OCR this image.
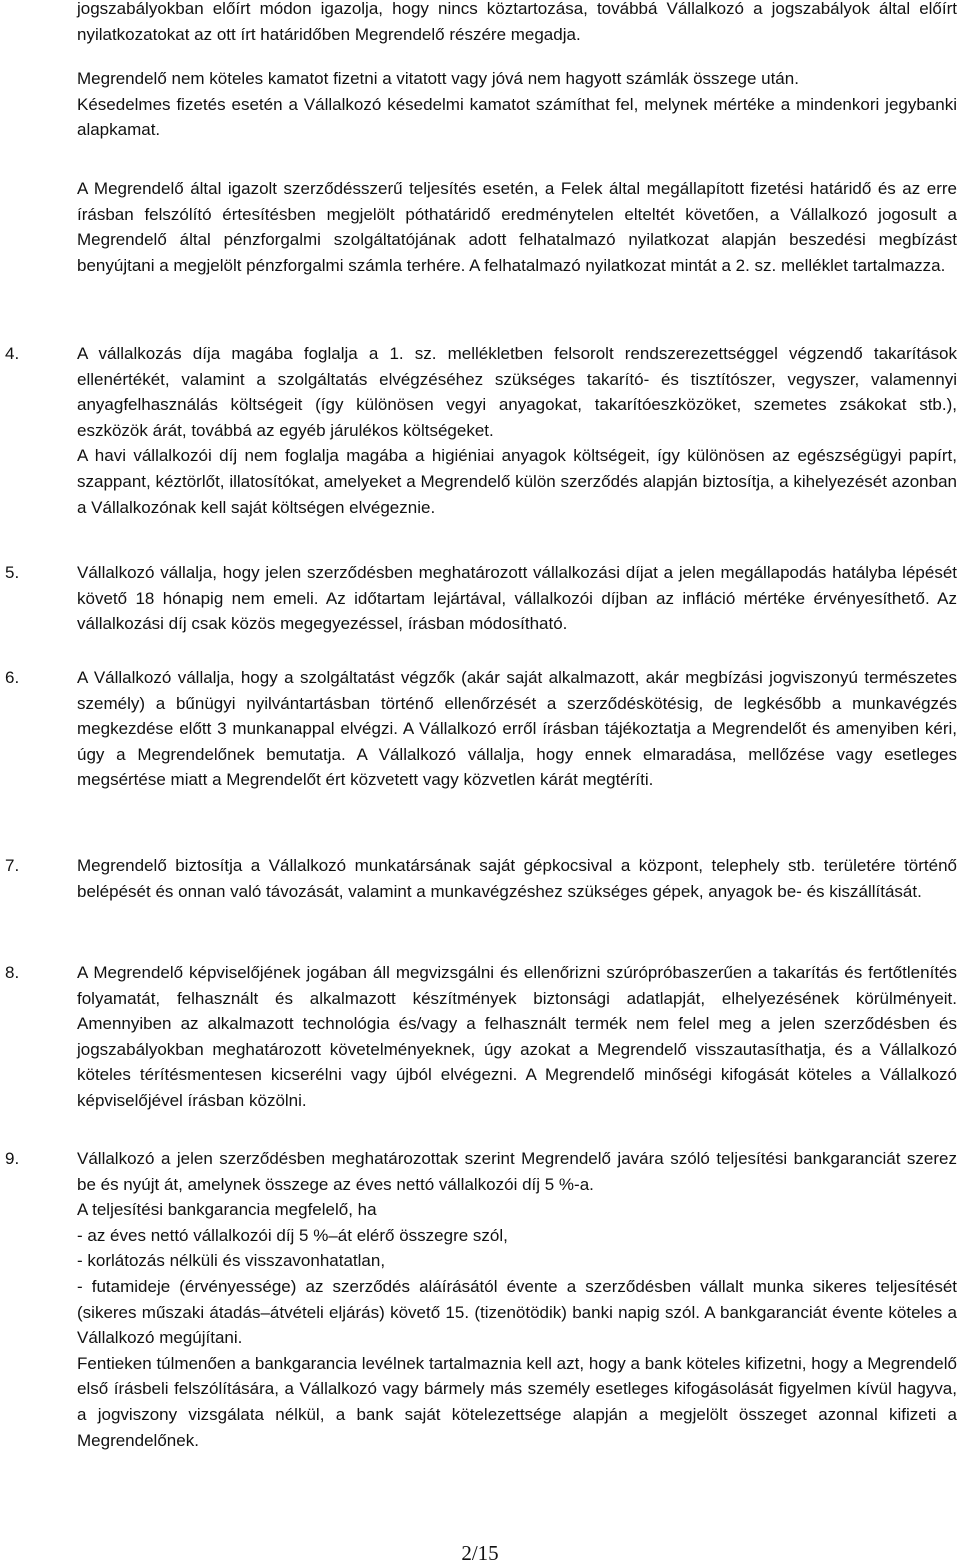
jogszabályokban előírt módon igazolja, hogy nincs köztartozása, továbbá Vállalkozó a jogszabályok által előírt nyilatkozatokat az ott írt határidőben Megrendelő részére megadja.

Megrendelő nem köteles kamatot fizetni a vitatott vagy jóvá nem hagyott számlák összege után.

Késedelmes fizetés esetén a Vállalkozó késedelmi kamatot számíthat fel, melynek mértéke a mindenkori jegybanki alapkamat.

A Megrendelő által igazolt szerződésszerű teljesítés esetén, a Felek által megállapított fizetési határidő és az erre írásban felszólító értesítésben megjelölt póthatáridő eredménytelen elteltét követően, a Vállalkozó jogosult a Megrendelő által pénzforgalmi szolgáltatójának adott felhatalmazó nyilatkozat alapján beszedési megbízást benyújtani a megjelölt pénzforgalmi számla terhére. A felhatalmazó nyilatkozat mintát a 2. sz. melléklet tartalmazza.

4.	A vállalkozás díja magába foglalja a 1. sz. mellékletben felsorolt rendszerezettséggel végzendő takarítások ellenértékét, valamint a szolgáltatás elvégzéséhez szükséges takarító- és tisztítószer, vegyszer, valamennyi anyagfelhasználás költségeit (így különösen vegyi anyagokat, takarítóeszközöket, szemetes zsákokat stb.), eszközök árát, továbbá az egyéb járulékos költségeket.

A havi vállalkozói díj nem foglalja magába a higiéniai anyagok költségeit, így különösen az egészségügyi papírt, szappant, kéztörlőt, illatosítókat, amelyeket a Megrendelő külön szerződés alapján biztosítja, a kihelyezését azonban a Vállalkozónak kell saját költségen elvégeznie.

5.	Vállalkozó vállalja, hogy jelen szerződésben meghatározott vállalkozási díjat a jelen megállapodás hatályba lépését követő 18 hónapig nem emeli. Az időtartam lejártával, vállalkozói díjban az infláció mértéke érvényesíthető. Az vállalkozási díj csak közös megegyezéssel, írásban módosítható.

6.	A Vállalkozó vállalja, hogy a szolgáltatást végzők (akár saját alkalmazott, akár megbízási jogviszonyú természetes személy) a bűnügyi nyilvántartásban történő ellenőrzését a szerződéskötésig, de legkésőbb a munkavégzés megkezdése előtt 3 munkanappal elvégzi. A Vállalkozó erről írásban tájékoztatja a Megrendelőt és amenyiben kéri, úgy a Megrendelőnek bemutatja. A Vállalkozó vállalja, hogy ennek elmaradása, mellőzése vagy esetleges megsértése miatt a Megrendelőt ért közvetett vagy közvetlen kárát megtéríti.

7.	Megrendelő biztosítja a Vállalkozó munkatársának saját gépkocsival a központ, telephely stb. területére történő belépését és onnan való távozását, valamint a munkavégzéshez szükséges gépek, anyagok be- és kiszállítását.

8.	A Megrendelő képviselőjének jogában áll megvizsgálni és ellenőrizni szúrópróbaszerűen a takarítás és fertőtlenítés folyamatát, felhasznált és alkalmazott készítmények biztonsági adatlapját, elhelyezésének körülményeit. Amennyiben az alkalmazott technológia és/vagy a felhasznált termék nem felel meg a jelen szerződésben és jogszabályokban meghatározott követelményeknek, úgy azokat a Megrendelő visszautasíthatja, és a Vállalkozó köteles térítésmentesen kicserélni vagy újból elvégezni. A Megrendelő minőségi kifogását köteles a Vállalkozó képviselőjével írásban közölni.

9.	Vállalkozó a jelen szerződésben meghatározottak szerint Megrendelő javára szóló teljesítési bankgaranciát szerez be és nyújt át, amelynek összege az éves nettó vállalkozói díj 5 %-a.

A teljesítési bankgarancia megfelelő, ha

- az éves nettó vállalkozói díj 5 %–át elérő összegre szól,

- korlátozás nélküli és visszavonhatatlan,

- futamideje (érvényessége) az szerződés aláírásától évente a szerződésben vállalt munka sikeres teljesítését (sikeres műszaki átadás–átvételi eljárás) követő 15. (tizenötödik) banki napig szól. A bankgaranciát évente köteles a Vállalkozó megújítani.

Fentieken túlmenően a bankgarancia levélnek tartalmaznia kell azt, hogy a bank köteles kifizetni, hogy a Megrendelő első írásbeli felszólítására, a Vállalkozó vagy bármely más személy esetleges kifogásolását figyelmen kívül hagyva, a jogviszony vizsgálata nélkül, a bank saját kötelezettsége alapján a megjelölt összeget azonnal kifizeti a Megrendelőnek.

2/15
